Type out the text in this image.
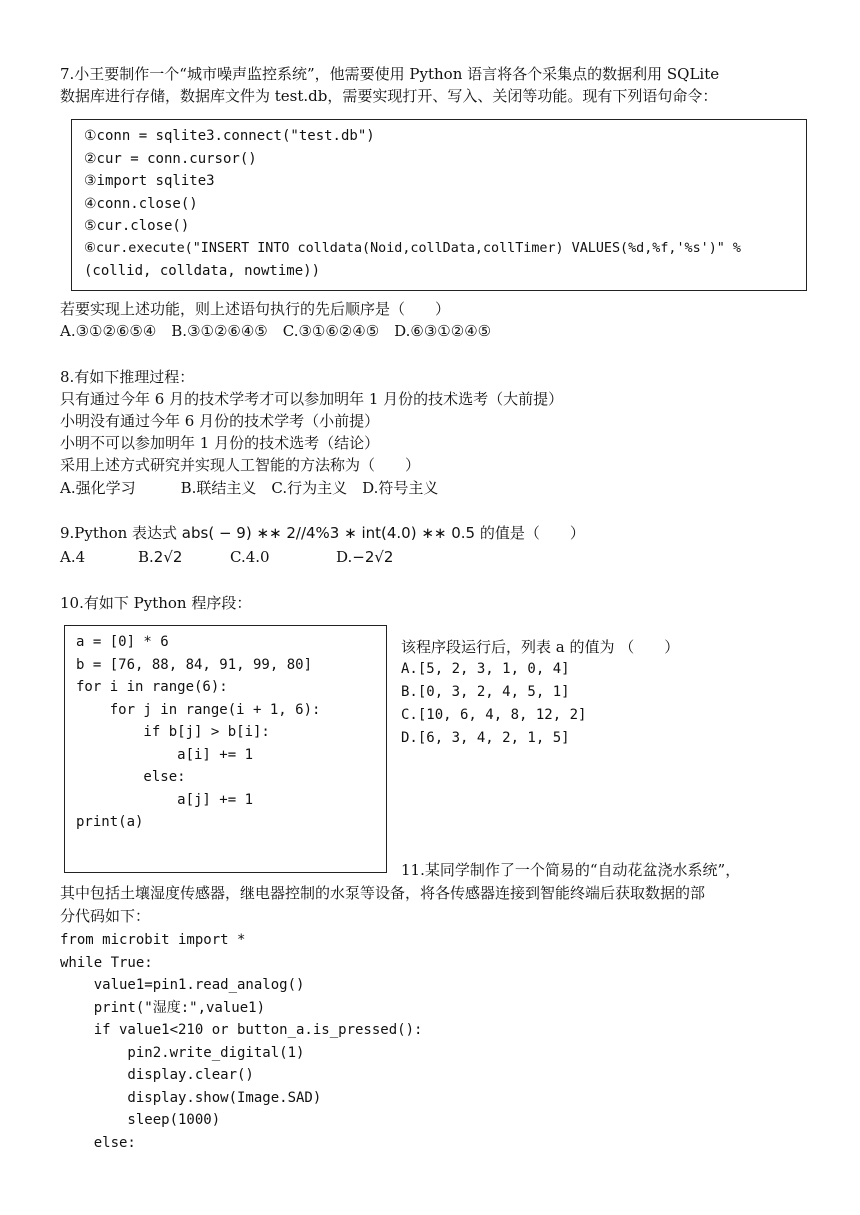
7.小王要制作一个“城市噪声监控系统”，他需要使用 Python 语言将各个采集点的数据利用 SQLite
数据库进行存储，数据库文件为 test.db，需要实现打开、写入、关闭等功能。现有下列语句命令：
①conn = sqlite3.connect("test.db")
②cur = conn.cursor()
③import sqlite3
④conn.close()
⑤cur.close()
⑥cur.execute("INSERT INTO colldata(Noid,collData,collTimer) VALUES(%d,%f,'%s')" %
(collid, colldata, nowtime))
若要实现上述功能，则上述语句执行的先后顺序是（　　）
A.③①②⑥⑤④　B.③①②⑥④⑤　C.③①⑥②④⑤　D.⑥③①②④⑤
8.有如下推理过程：
只有通过今年 6 月的技术学考才可以参加明年 1 月份的技术选考（大前提）
小明没有通过今年 6 月份的技术学考（小前提）
小明不可以参加明年 1 月份的技术选考（结论）
采用上述方式研究并实现人工智能的方法称为（　　）
A.强化学习　　　B.联结主义　C.行为主义　D.符号主义
9.Python 表达式 abs( − 9) ∗∗ 2//4%3 ∗ int(4.0) ∗∗ 0.5 的值是（　　）
A.4	B.2√2	C.4.0	D.−2√2
10.有如下 Python 程序段：
a = [0] * 6
b = [76, 88, 84, 91, 99, 80]
for i in range(6):
for j in range(i + 1, 6):
if b[j] > b[i]:
a[i] += 1
else:
a[j] += 1
print(a)
该程序段运行后，列表 a 的值为 （　　）
A.[5, 2, 3, 1, 0, 4]
B.[0, 3, 2, 4, 5, 1]
C.[10, 6, 4, 8, 12, 2]
D.[6, 3, 4, 2, 1, 5]
11.某同学制作了一个简易的“自动花盆浇水系统”，
其中包括土壤湿度传感器，继电器控制的水泵等设备，将各传感器连接到智能终端后获取数据的部
分代码如下：
from microbit import *
while True:
value1=pin1.read_analog()
print("湿度:",value1)
if value1<210 or button_a.is_pressed():
pin2.write_digital(1)
display.clear()
display.show(Image.SAD)
sleep(1000)
else:
